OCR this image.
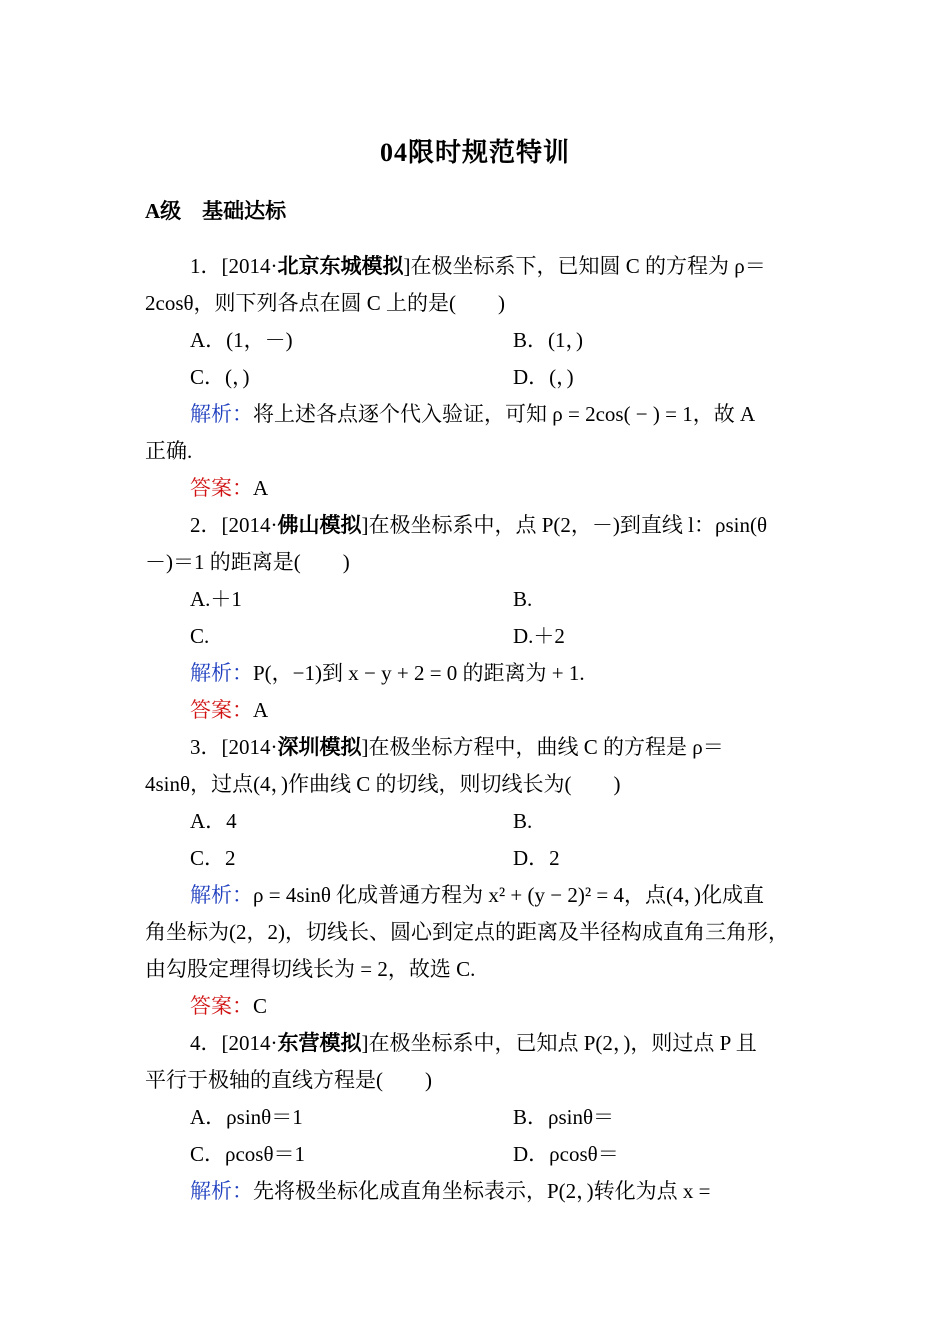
04限时规范特训
A级　基础达标
1．[2014·北京东城模拟]在极坐标系下，已知圆 C 的方程为 ρ＝
2cosθ，则下列各点在圆 C 上的是(　　)
A．(1，－)	B．(1，)
C．(，)	D．(，)
解析：将上述各点逐个代入验证，可知 ρ = 2cos( − ) = 1，故 A
正确.
答案：A
2．[2014·佛山模拟]在极坐标系中，点 P(2，－)到直线 l：ρsin(θ
－)＝1 的距离是(　　)
A.＋1	B.
C.	D.＋2
解析：P(，−1)到 x − y + 2 = 0 的距离为 + 1.
答案：A
3．[2014·深圳模拟]在极坐标方程中，曲线 C 的方程是 ρ＝
4sinθ，过点(4，)作曲线 C 的切线，则切线长为(　　)
A．4	B.
C．2	D．2
解析：ρ = 4sinθ 化成普通方程为 x² + (y − 2)² = 4，点(4，)化成直
角坐标为(2，2)，切线长、圆心到定点的距离及半径构成直角三角形，
由勾股定理得切线长为 = 2，故选 C.
答案：C
4．[2014·东营模拟]在极坐标系中，已知点 P(2，)，则过点 P 且
平行于极轴的直线方程是(　　)
A．ρsinθ＝1	B．ρsinθ＝
C．ρcosθ＝1	D．ρcosθ＝
解析：先将极坐标化成直角坐标表示，P(2，)转化为点 x =
